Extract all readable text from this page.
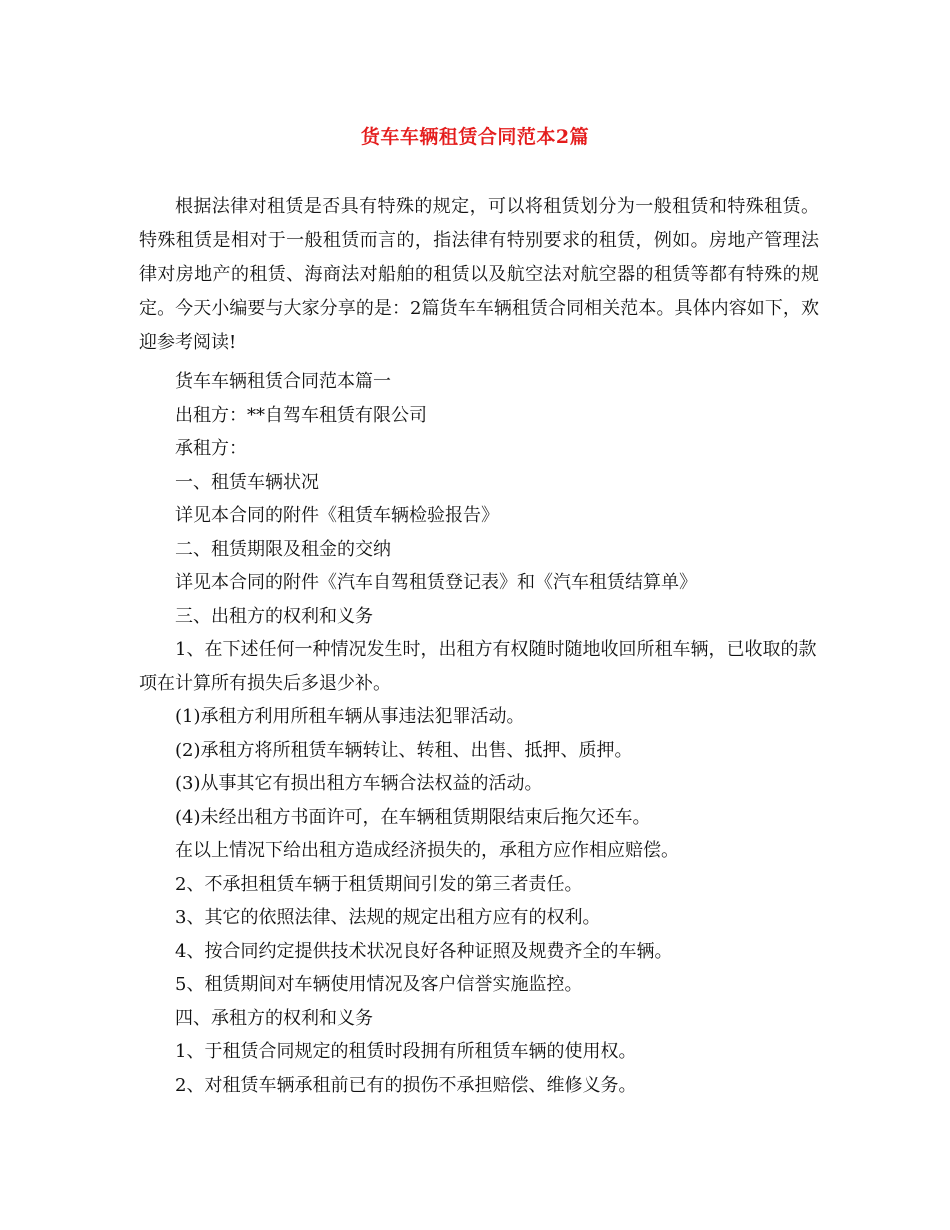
货车车辆租赁合同范本2篇

根据法律对租赁是否具有特殊的规定，可以将租赁划分为一般租赁和特殊租赁。特殊租赁是相对于一般租赁而言的，指法律有特别要求的租赁，例如。房地产管理法律对房地产的租赁、海商法对船舶的租赁以及航空法对航空器的租赁等都有特殊的规定。今天小编要与大家分享的是：2篇货车车辆租赁合同相关范本。具体内容如下，欢迎参考阅读!

货车车辆租赁合同范本篇一
出租方：**自驾车租赁有限公司
承租方：
一、租赁车辆状况
详见本合同的附件《租赁车辆检验报告》
二、租赁期限及租金的交纳
详见本合同的附件《汽车自驾租赁登记表》和《汽车租赁结算单》
三、出租方的权利和义务
1、在下述任何一种情况发生时，出租方有权随时随地收回所租车辆，已收取的款项在计算所有损失后多退少补。
(1)承租方利用所租车辆从事违法犯罪活动。
(2)承租方将所租赁车辆转让、转租、出售、抵押、质押。
(3)从事其它有损出租方车辆合法权益的活动。
(4)未经出租方书面许可，在车辆租赁期限结束后拖欠还车。
在以上情况下给出租方造成经济损失的，承租方应作相应赔偿。
2、不承担租赁车辆于租赁期间引发的第三者责任。
3、其它的依照法律、法规的规定出租方应有的权利。
4、按合同约定提供技术状况良好各种证照及规费齐全的车辆。
5、租赁期间对车辆使用情况及客户信誉实施监控。
四、承租方的权利和义务
1、于租赁合同规定的租赁时段拥有所租赁车辆的使用权。
2、对租赁车辆承租前已有的损伤不承担赔偿、维修义务。
